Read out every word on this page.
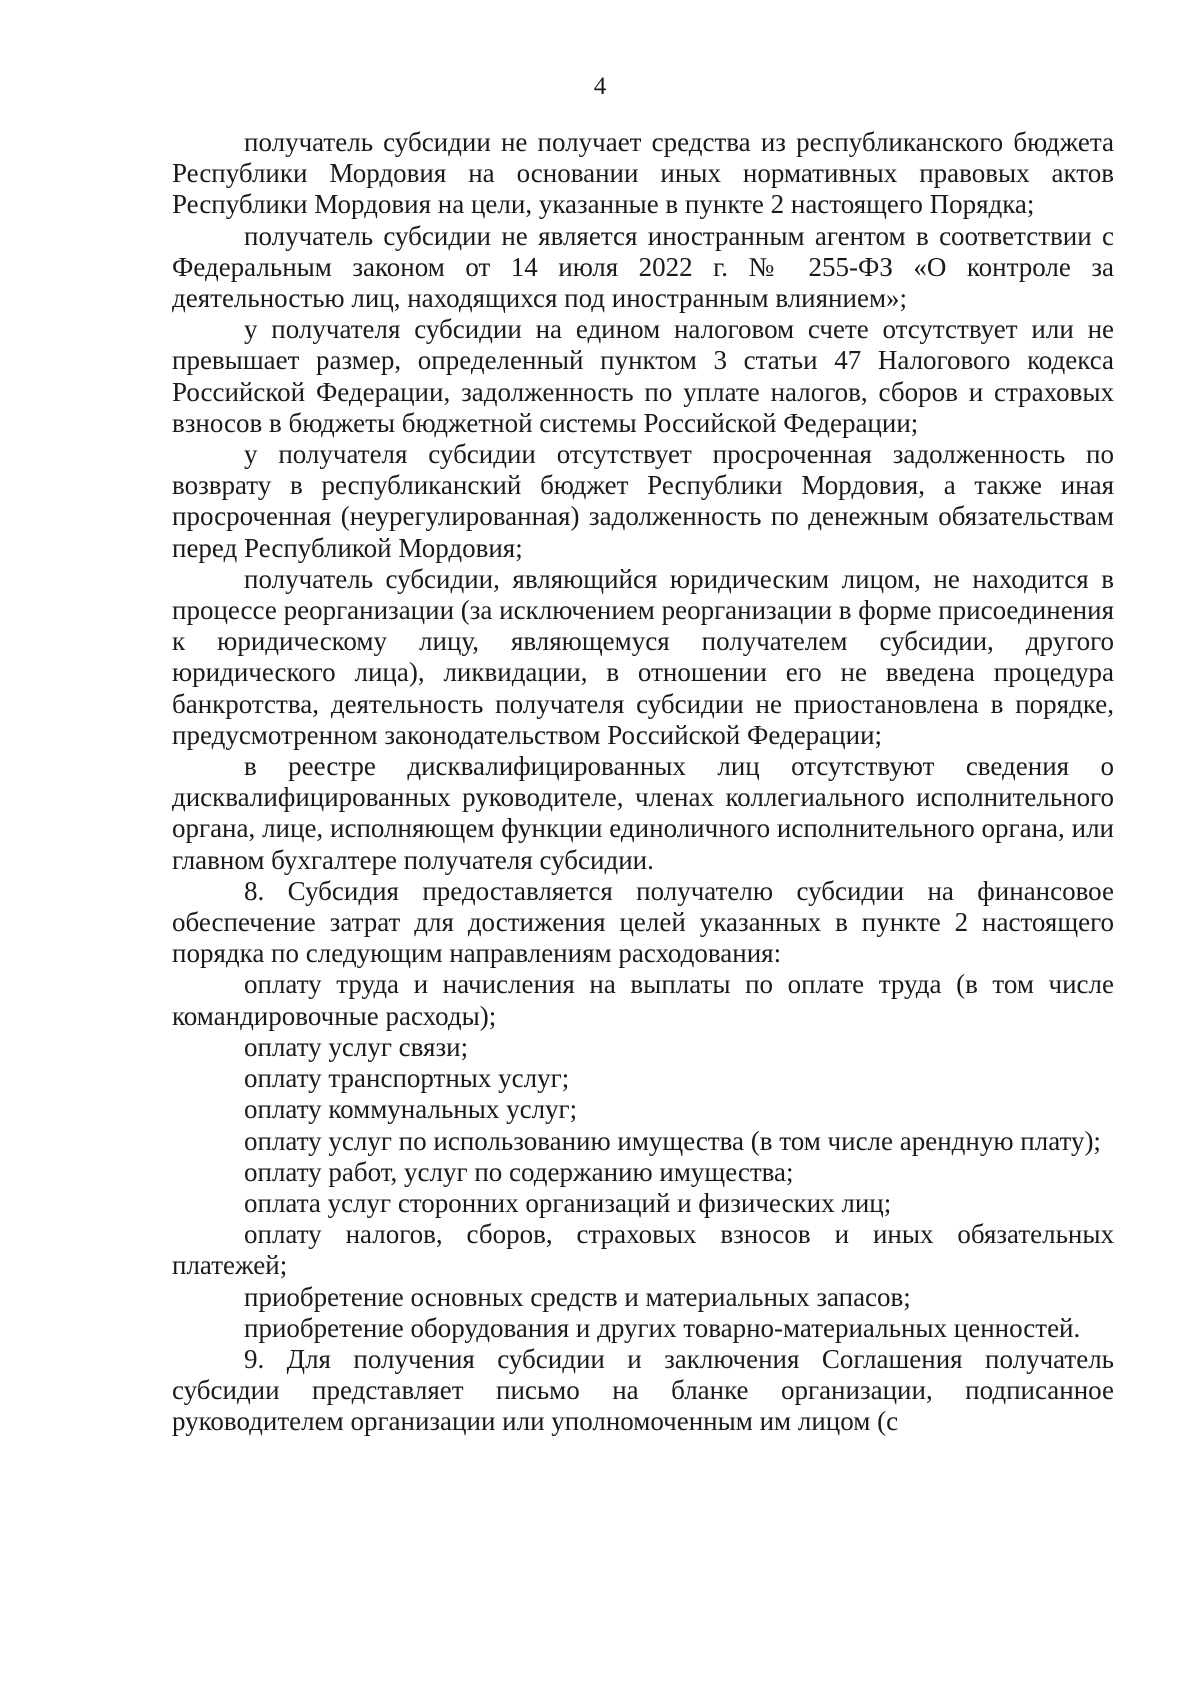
4

получатель субсидии не получает средства из республиканского бюджета Республики Мордовия на основании иных нормативных правовых актов Республики Мордовия на цели, указанные в пункте 2 настоящего Порядка;

получатель субсидии не является иностранным агентом в соответствии с Федеральным законом от 14 июля 2022 г. № 255-ФЗ «О контроле за деятельностью лиц, находящихся под иностранным влиянием»;

у получателя субсидии на едином налоговом счете отсутствует или не превышает размер, определенный пунктом 3 статьи 47 Налогового кодекса Российской Федерации, задолженность по уплате налогов, сборов и страховых взносов в бюджеты бюджетной системы Российской Федерации;

у получателя субсидии отсутствует просроченная задолженность по возврату в республиканский бюджет Республики Мордовия, а также иная просроченная (неурегулированная) задолженность по денежным обязательствам перед Республикой Мордовия;

получатель субсидии, являющийся юридическим лицом, не находится в процессе реорганизации (за исключением реорганизации в форме присоединения к юридическому лицу, являющемуся получателем субсидии, другого юридического лица), ликвидации, в отношении его не введена процедура банкротства, деятельность получателя субсидии не приостановлена в порядке, предусмотренном законодательством Российской Федерации;

в реестре дисквалифицированных лиц отсутствуют сведения о дисквалифицированных руководителе, членах коллегиального исполнительного органа, лице, исполняющем функции единоличного исполнительного органа, или главном бухгалтере получателя субсидии.

8. Субсидия предоставляется получателю субсидии на финансовое обеспечение затрат для достижения целей указанных в пункте 2 настоящего порядка по следующим направлениям расходования:

оплату труда и начисления на выплаты по оплате труда (в том числе командировочные расходы);

оплату услуг связи;

оплату транспортных услуг;

оплату коммунальных услуг;

оплату услуг по использованию имущества (в том числе арендную плату);

оплату работ, услуг по содержанию имущества;

оплата услуг сторонних организаций и физических лиц;

оплату налогов, сборов, страховых взносов и иных обязательных платежей;

приобретение основных средств и материальных запасов;

приобретение оборудования и других товарно-материальных ценностей.

9. Для получения субсидии и заключения Соглашения получатель субсидии представляет письмо на бланке организации, подписанное руководителем организации или уполномоченным им лицом (с
